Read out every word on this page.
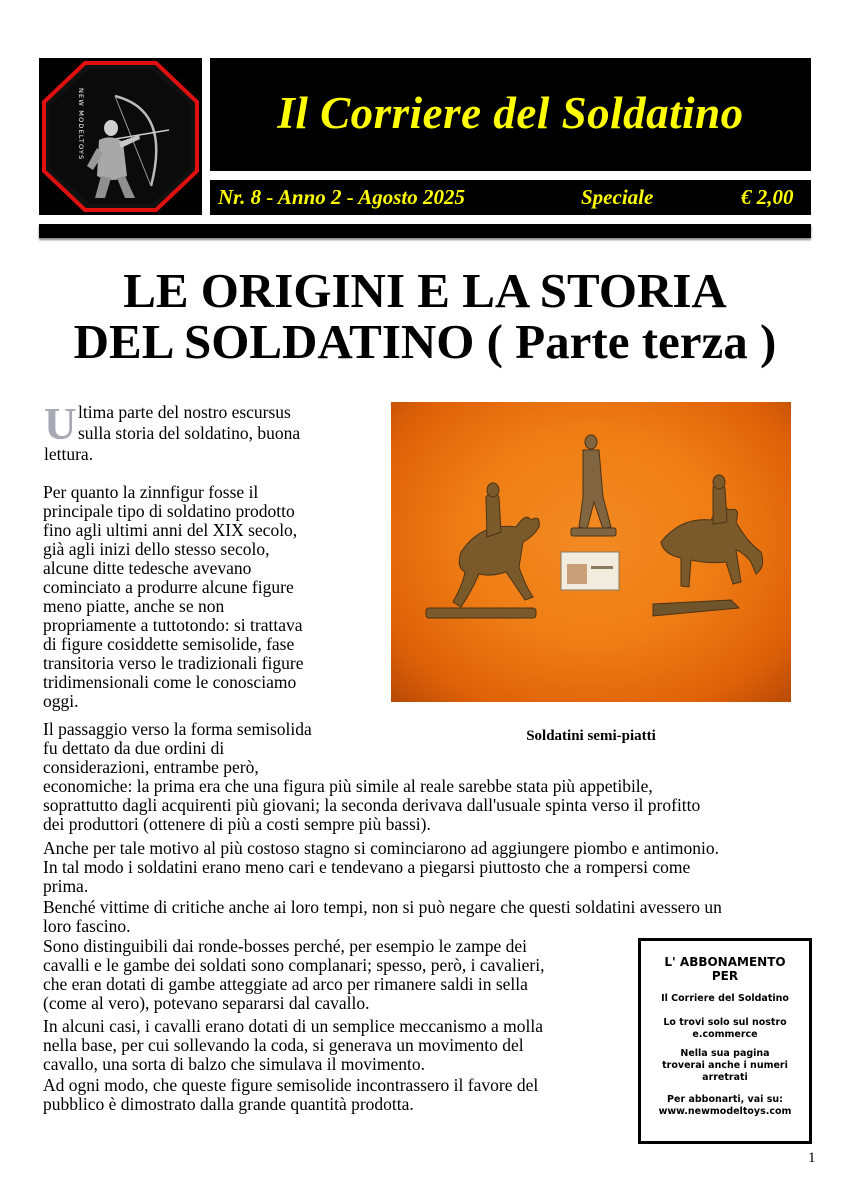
NEW MODELTOYS	Il Corriere del Soldatino
Nr. 8 - Anno 2 - Agosto 2025	Speciale	€ 2,00
LE ORIGINI E LA STORIA
DEL SOLDATINO ( Parte terza )
U ltima parte del nostro escursus
sulla storia del soldatino, buona
lettura.
Per quanto la zinnfigur fosse il
principale tipo di soldatino prodotto
fino agli ultimi anni del XIX secolo,
già agli inizi dello stesso secolo,
alcune ditte tedesche avevano
cominciato a produrre alcune figure
meno piatte, anche se non
propriamente a tuttotondo: si trattava
di figure cosiddette semisolide, fase
transitoria verso le tradizionali figure
tridimensionali come le conosciamo
oggi.
Il passaggio verso la forma semisolida
fu dettato da due ordini di
considerazioni, entrambe però,
economiche: la prima era che una figura più simile al reale sarebbe stata più appetibile,
soprattutto dagli acquirenti più giovani; la seconda derivava dall'usuale spinta verso il profitto
dei produttori (ottenere di più a costi sempre più bassi).
Anche per tale motivo al più costoso stagno si cominciarono ad aggiungere piombo e antimonio.
In tal modo i soldatini erano meno cari e tendevano a piegarsi piuttosto che a rompersi come
prima.
Benché vittime di critiche anche ai loro tempi, non si può negare che questi soldatini avessero un
loro fascino.
Sono distinguibili dai ronde-bosses perché, per esempio le zampe dei
cavalli e le gambe dei soldati sono complanari; spesso, però, i cavalieri,
che eran dotati di gambe atteggiate ad arco per rimanere saldi in sella
(come al vero), potevano separarsi dal cavallo.
In alcuni casi, i cavalli erano dotati di un semplice meccanismo a molla
nella base, per cui sollevando la coda, si generava un movimento del
cavallo, una sorta di balzo che simulava il movimento.
Ad ogni modo, che queste figure semisolide incontrassero il favore del
pubblico è dimostrato dalla grande quantità prodotta.
Soldatini semi-piatti
L' ABBONAMENTO
PER
Il Corriere del Soldatino
Lo trovi solo sul nostro
e.commerce
Nella sua pagina
troverai anche i numeri
arretrati
Per abbonarti, vai su:
www.newmodeltoys.com
1
